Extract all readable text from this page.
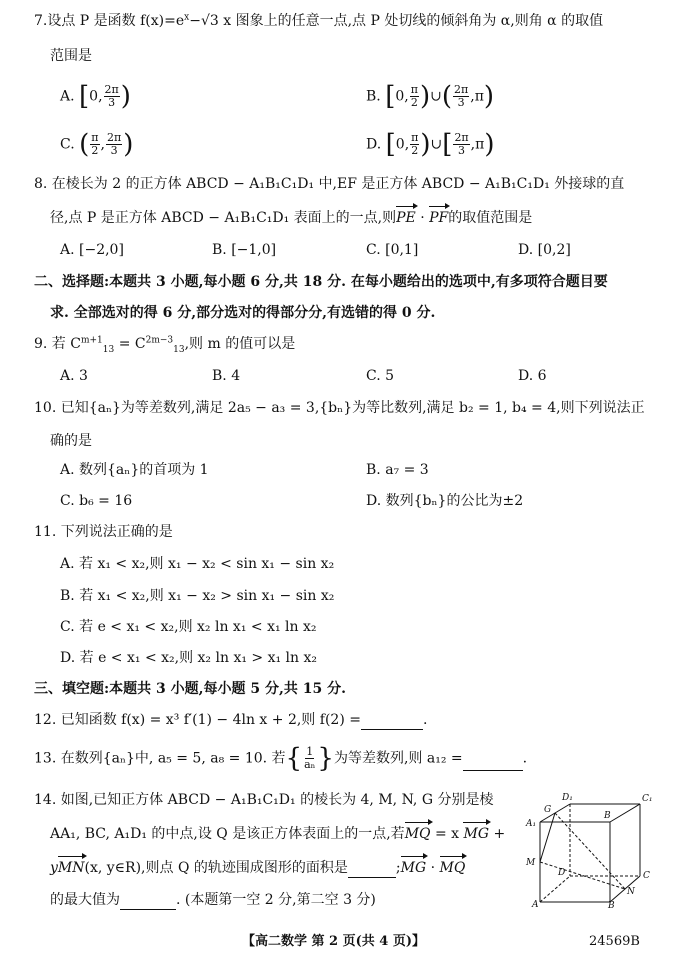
7.设点 P 是函数 $f(x)=e^x-√3$ x 图象上的任意一点,点 P 处切线的倾斜角为 α,则角 α 的取值
范围是
A. [0, $\frac{2\pi}{3}$ )	B. [0, $\frac{\pi}{2}$ )∪( $\frac{2\pi}{3} ,\pi$)
C. ( $\frac{\pi}{2}$ , $\frac{2\pi}{3}$ )	D. [0, $\frac{\pi}{2}$ )∪[ $\frac{2\pi}{3} ,\pi$)
8. 在棱长为 2 的正方体 ABCD − A₁B₁C₁D₁ 中,EF 是正方体 ABCD − A₁B₁C₁D₁ 外接球的直
径,点 P 是正方体 ABCD − A₁B₁C₁D₁ 表面上的一点,则PE · PF的取值范围是
A. [−2,0]	B. [−1,0]	C. [0,1]	D. [0,2]
二、选择题:本题共 3 小题,每小题 6 分,共 18 分. 在每小题给出的选项中,有多项符合题目要
求. 全部选对的得 6 分,部分选对的得部分分,有选错的得 0 分.
9. 若 $C^{m+1}_{13} = C^{2m-3}_{13}$,则 m 的值可以是
A. 3	B. 4	C. 5	D. 6
10. 已知{aₙ}为等差数列,满足 2a₅ − a₃ = 3,{bₙ}为等比数列,满足 b₂ = 1, b₄ = 4,则下列说法正
确的是
A. 数列{aₙ}的首项为 1	B. a₇ = 3
C. b₆ = 16	D. 数列{bₙ}的公比为±2
11. 下列说法正确的是
A. 若 x₁ < x₂,则 x₁ − x₂ < sin x₁ − sin x₂
B. 若 x₁ < x₂,则 x₁ − x₂ > sin x₁ − sin x₂
C. 若 e < x₁ < x₂,则 x₂ ln x₁ < x₁ ln x₂
D. 若 e < x₁ < x₂,则 x₂ ln x₁ > x₁ ln x₂
三、填空题:本题共 3 小题,每小题 5 分,共 15 分.
12. 已知函数 f(x) = x³ f′(1) − 4ln x + 2,则 f(2) =	.
13. 在数列{aₙ}中, a₅ = 5, a₈ = 10. 若{ $\frac{1}{\text{aₙ}}$ }为等差数列,则 a₁₂ =	.
14. 如图,已知正方体 ABCD − A₁B₁C₁D₁ 的棱长为 4, M, N, G 分别是棱
AA₁, BC, A₁D₁ 的中点,设 Q 是该正方体表面上的一点,若MQ = x MG +
yMN(x, y∈R),则点 Q 的轨迹围成图形的面积是	;MG · MQ
的最大值为	. (本题第一空 2 分,第二空 3 分)
D₁	C₁
A₁
B
G
M
D	C
A	B
N
【高二数学 第 2 页(共 4 页)】	24569B
